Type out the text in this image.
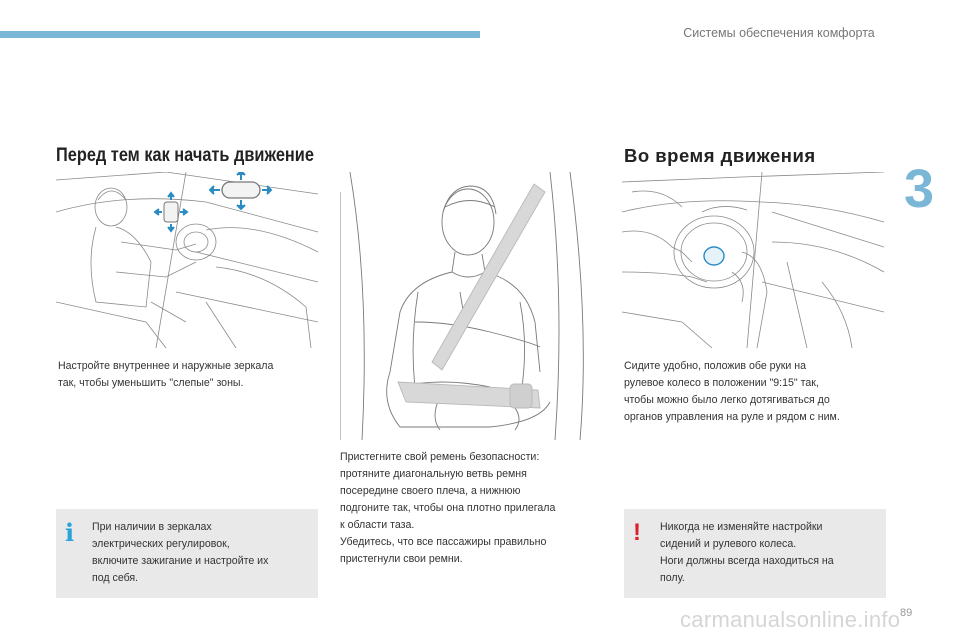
Системы обеспечения комфорта
3
Перед тем как начать движение	Во время движения

Настройте внутреннее и наружные зеркала
так, чтобы уменьшить "слепые" зоны.

Пристегните свой ремень безопасности:
протяните диагональную ветвь ремня
посередине своего плеча, а нижнюю
подгоните так, чтобы она плотно прилегала
к области таза.
Убедитесь, что все пассажиры правильно
пристегнули свои ремни.

Сидите удобно, положив обе руки на
рулевое колесо в положении "9:15" так,
чтобы можно было легко дотягиваться до
органов управления на руле и рядом с ним.

i При наличии в зеркалах
электрических регулировок,
включите зажигание и настройте их
под себя.

! Никогда не изменяйте настройки
сидений и рулевого колеса.
Ноги должны всегда находиться на
полу.

89
carmanualsonline.info
